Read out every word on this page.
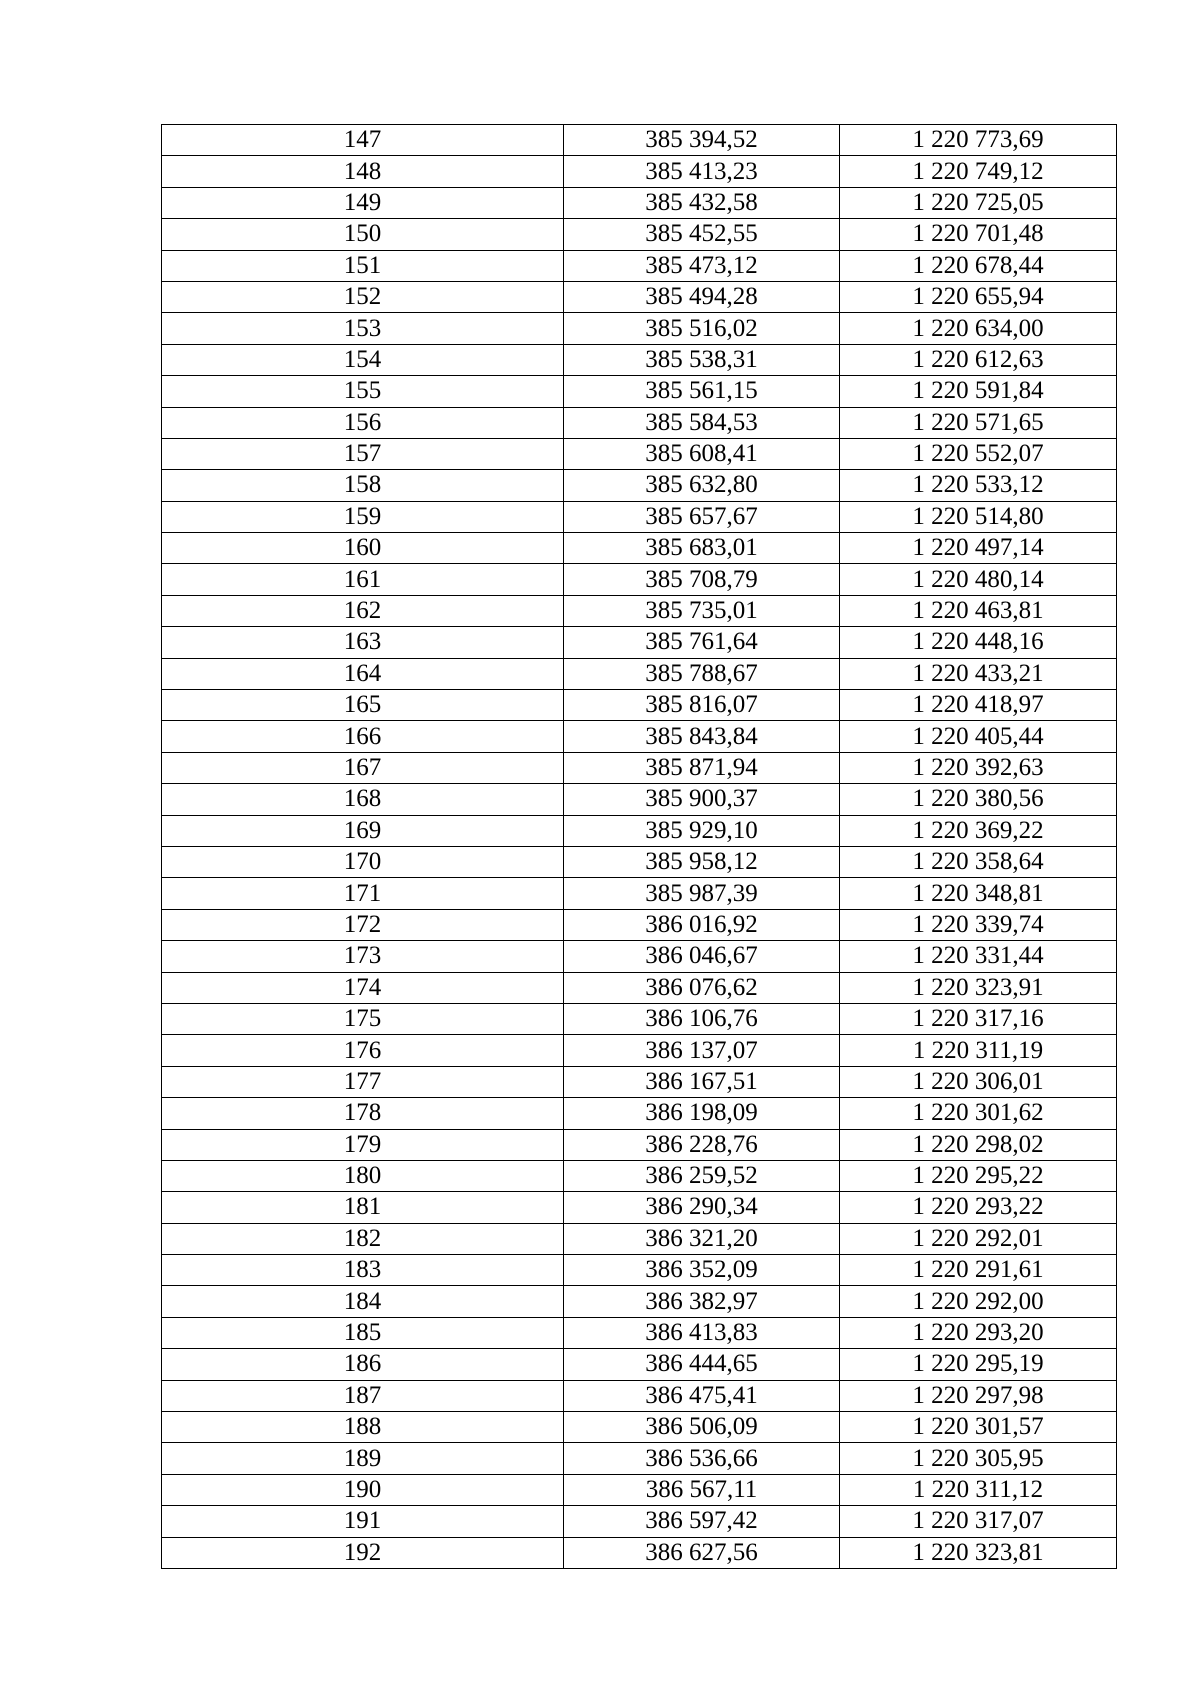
147	385 394,52	1 220 773,69
148	385 413,23	1 220 749,12
149	385 432,58	1 220 725,05
150	385 452,55	1 220 701,48
151	385 473,12	1 220 678,44
152	385 494,28	1 220 655,94
153	385 516,02	1 220 634,00
154	385 538,31	1 220 612,63
155	385 561,15	1 220 591,84
156	385 584,53	1 220 571,65
157	385 608,41	1 220 552,07
158	385 632,80	1 220 533,12
159	385 657,67	1 220 514,80
160	385 683,01	1 220 497,14
161	385 708,79	1 220 480,14
162	385 735,01	1 220 463,81
163	385 761,64	1 220 448,16
164	385 788,67	1 220 433,21
165	385 816,07	1 220 418,97
166	385 843,84	1 220 405,44
167	385 871,94	1 220 392,63
168	385 900,37	1 220 380,56
169	385 929,10	1 220 369,22
170	385 958,12	1 220 358,64
171	385 987,39	1 220 348,81
172	386 016,92	1 220 339,74
173	386 046,67	1 220 331,44
174	386 076,62	1 220 323,91
175	386 106,76	1 220 317,16
176	386 137,07	1 220 311,19
177	386 167,51	1 220 306,01
178	386 198,09	1 220 301,62
179	386 228,76	1 220 298,02
180	386 259,52	1 220 295,22
181	386 290,34	1 220 293,22
182	386 321,20	1 220 292,01
183	386 352,09	1 220 291,61
184	386 382,97	1 220 292,00
185	386 413,83	1 220 293,20
186	386 444,65	1 220 295,19
187	386 475,41	1 220 297,98
188	386 506,09	1 220 301,57
189	386 536,66	1 220 305,95
190	386 567,11	1 220 311,12
191	386 597,42	1 220 317,07
192	386 627,56	1 220 323,81
